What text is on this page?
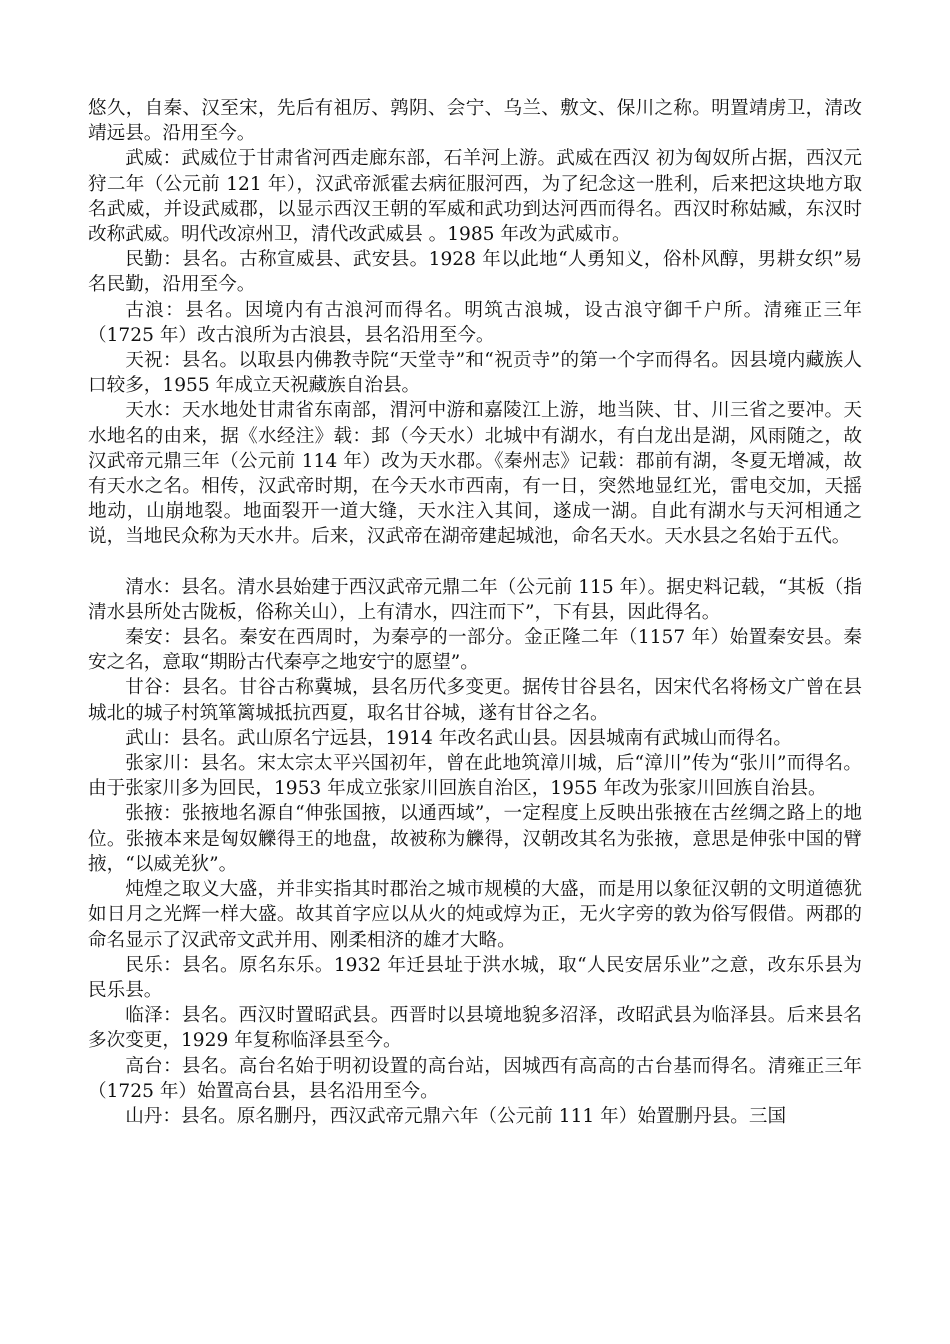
悠久，自秦、汉至宋，先后有祖厉、鹑阴、会宁、乌兰、敷文、保川之称。明置靖虏卫，清改靖远县。沿用至今。

武威：武威位于甘肃省河西走廊东部，石羊河上游。武威在西汉 初为匈奴所占据，西汉元狩二年（公元前 121 年），汉武帝派霍去病征服河西，为了纪念这一胜利，后来把这块地方取名武威，并设武威郡，以显示西汉王朝的军威和武功到达河西而得名。西汉时称姑臧，东汉时改称武威。明代改凉州卫，清代改武威县 。1985 年改为武威市。

民勤：县名。古称宣威县、武安县。1928 年以此地“人勇知义，俗朴风醇，男耕女织”易名民勤，沿用至今。

古浪：县名。因境内有古浪河而得名。明筑古浪城，设古浪守御千户所。清雍正三年（1725 年）改古浪所为古浪县，县名沿用至今。

天祝：县名。以取县内佛教寺院“天堂寺”和“祝贡寺”的第一个字而得名。因县境内藏族人口较多，1955 年成立天祝藏族自治县。

天水：天水地处甘肃省东南部，渭河中游和嘉陵江上游，地当陕、甘、川三省之要冲。天水地名的由来，据《水经注》载：邽（今天水）北城中有湖水，有白龙出是湖，风雨随之，故汉武帝元鼎三年（公元前 114 年）改为天水郡。《秦州志》记载：郡前有湖，冬夏无增减，故有天水之名。相传，汉武帝时期，在今天水市西南，有一日，突然地显红光，雷电交加，天摇地动，山崩地裂。地面裂开一道大缝，天水注入其间，遂成一湖。自此有湖水与天河相通之说，当地民众称为天水井。后来，汉武帝在湖帝建起城池，命名天水。天水县之名始于五代。

清水：县名。清水县始建于西汉武帝元鼎二年（公元前 115 年）。据史料记载，“其板（指清水县所处古陇板，俗称关山），上有清水，四注而下”，下有县，因此得名。

秦安：县名。秦安在西周时，为秦亭的一部分。金正隆二年（1157 年）始置秦安县。秦安之名，意取“期盼古代秦亭之地安宁的愿望”。

甘谷：县名。甘谷古称冀城，县名历代多变更。据传甘谷县名，因宋代名将杨文广曾在县城北的城子村筑箪篱城抵抗西夏，取名甘谷城，遂有甘谷之名。

武山：县名。武山原名宁远县，1914 年改名武山县。因县城南有武城山而得名。

张家川：县名。宋太宗太平兴国初年，曾在此地筑漳川城，后“漳川”传为“张川”而得名。由于张家川多为回民，1953 年成立张家川回族自治区，1955 年改为张家川回族自治县。

张掖：张掖地名源自“伸张国掖，以通西域”，一定程度上反映出张掖在古丝绸之路上的地位。张掖本来是匈奴觻得王的地盘，故被称为觻得，汉朝改其名为张掖，意思是伸张中国的臂掖，“以威羌狄”。

炖煌之取义大盛，并非实指其时郡治之城市规模的大盛，而是用以象征汉朝的文明道德犹如日月之光辉一样大盛。故其首字应以从火的炖或焞为正，无火字旁的敦为俗写假借。两郡的命名显示了汉武帝文武并用、刚柔相济的雄才大略。

民乐：县名。原名东乐。1932 年迁县址于洪水城，取“人民安居乐业”之意，改东乐县为民乐县。

临泽：县名。西汉时置昭武县。西晋时以县境地貌多沼泽，改昭武县为临泽县。后来县名多次变更，1929 年复称临泽县至今。

高台：县名。高台名始于明初设置的高台站，因城西有高高的古台基而得名。清雍正三年（1725 年）始置高台县，县名沿用至今。

山丹：县名。原名删丹，西汉武帝元鼎六年（公元前 111 年）始置删丹县。三国
